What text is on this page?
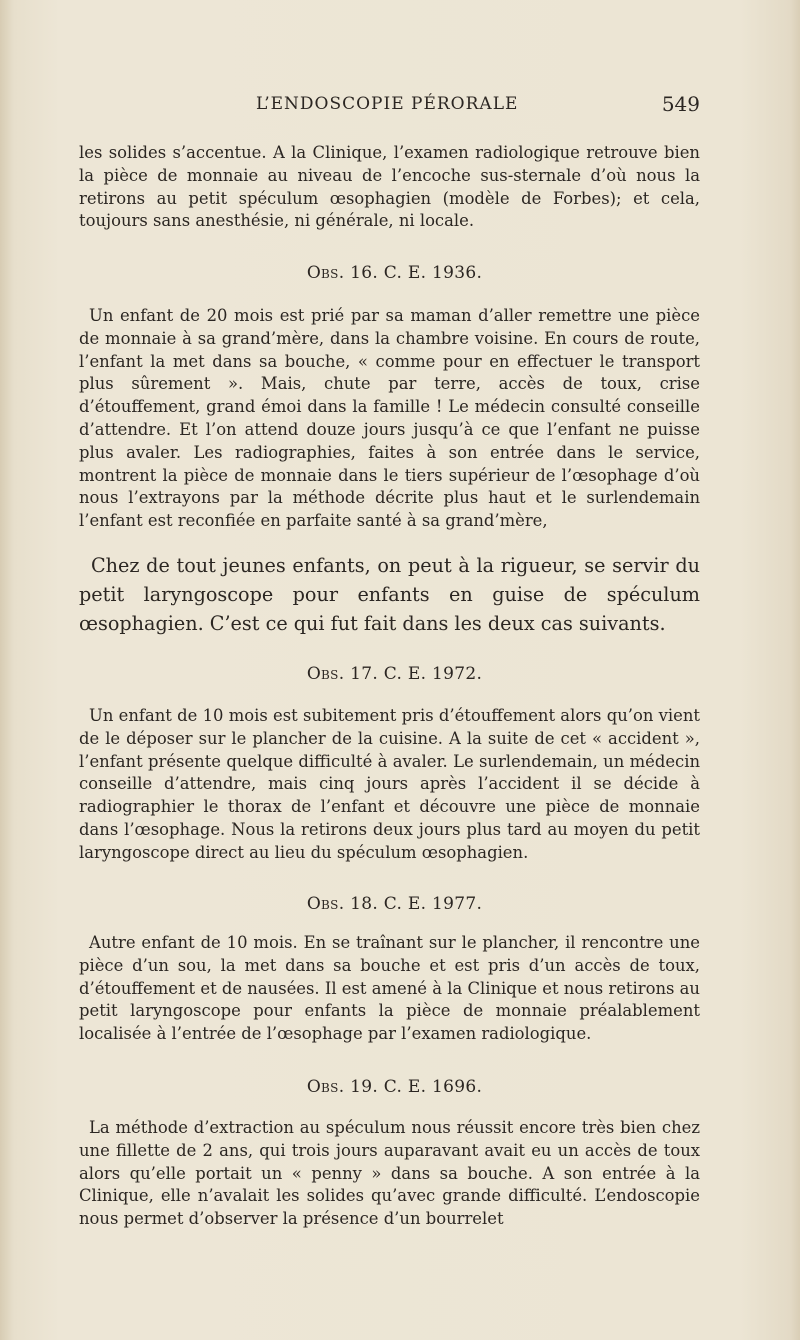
L’ENDOSCOPIE PÉRORALE	549

les solides s’accentue. A la Clinique, l’examen radiologique retrouve bien la pièce de monnaie au niveau de l’encoche sus-sternale d’où nous la retirons au petit spéculum œsophagien (modèle de Forbes); et cela, toujours sans anesthésie, ni générale, ni locale.

Obs. 16. C. E. 1936.

Un enfant de 20 mois est prié par sa maman d’aller remettre une pièce de monnaie à sa grand’mère, dans la chambre voisine. En cours de route, l’enfant la met dans sa bouche, « comme pour en effectuer le transport plus sûrement ». Mais, chute par terre, accès de toux, crise d’étouffement, grand émoi dans la famille ! Le médecin consulté conseille d’attendre. Et l’on attend douze jours jusqu’à ce que l’enfant ne puisse plus avaler. Les radiographies, faites à son entrée dans le service, montrent la pièce de monnaie dans le tiers supérieur de l’œsophage d’où nous l’extrayons par la méthode décrite plus haut et le surlendemain l’enfant est reconfiée en parfaite santé à sa grand’mère,

Chez de tout jeunes enfants, on peut à la rigueur, se servir du petit laryngoscope pour enfants en guise de spéculum œsophagien. C’est ce qui fut fait dans les deux cas suivants.

Obs. 17. C. E. 1972.

Un enfant de 10 mois est subitement pris d’étouffement alors qu’on vient de le déposer sur le plancher de la cuisine. A la suite de cet « accident », l’enfant présente quelque difficulté à avaler. Le surlendemain, un médecin conseille d’attendre, mais cinq jours après l’accident il se décide à radiographier le thorax de l’enfant et découvre une pièce de monnaie dans l’œsophage. Nous la retirons deux jours plus tard au moyen du petit laryngoscope direct au lieu du spéculum œsophagien.

Obs. 18. C. E. 1977.

Autre enfant de 10 mois. En se traînant sur le plancher, il rencontre une pièce d’un sou, la met dans sa bouche et est pris d’un accès de toux, d’étouffement et de nausées. Il est amené à la Clinique et nous retirons au petit laryngoscope pour enfants la pièce de monnaie préalablement localisée à l’entrée de l’œsophage par l’examen radiologique.

Obs. 19. C. E. 1696.

La méthode d’extraction au spéculum nous réussit encore très bien chez une fillette de 2 ans, qui trois jours auparavant avait eu un accès de toux alors qu’elle portait un « penny » dans sa bouche. A son entrée à la Clinique, elle n’avalait les solides qu’avec grande difficulté. L’endoscopie nous permet d’observer la présence d’un bourrelet
